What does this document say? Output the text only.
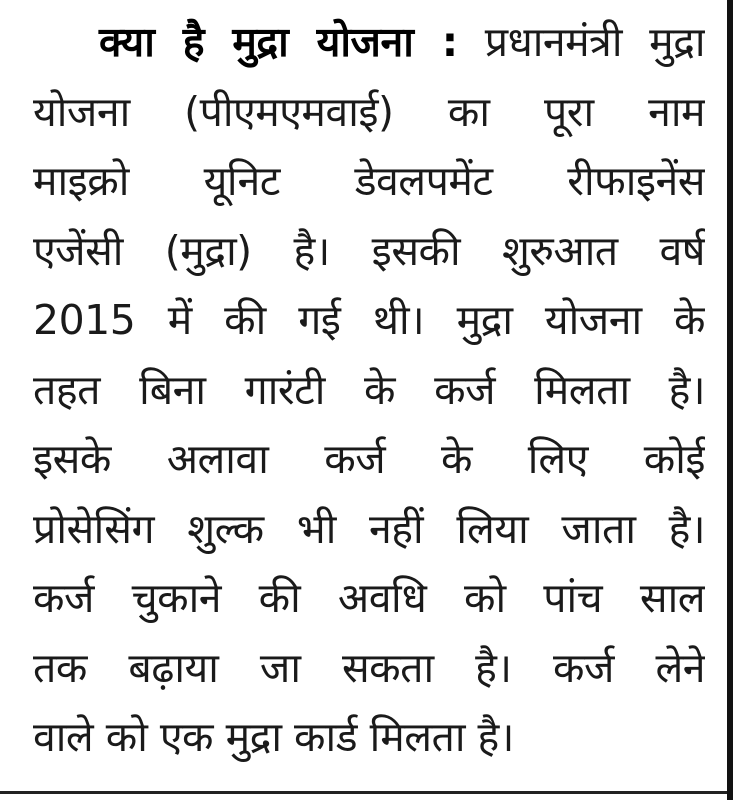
क्या है मुद्रा योजना : प्रधानमंत्री मुद्रा
योजना (पीएमएमवाई) का पूरा नाम
माइक्रो यूनिट डेवलपमेंट रीफाइनेंस
एजेंसी (मुद्रा) है। इसकी शुरुआत वर्ष
2015 में की गई थी। मुद्रा योजना के
तहत बिना गारंटी के कर्ज मिलता है।
इसके अलावा कर्ज के लिए कोई
प्रोसेसिंग शुल्क भी नहीं लिया जाता है।
कर्ज चुकाने की अवधि को पांच साल
तक बढ़ाया जा सकता है। कर्ज लेने
वाले को एक मुद्रा कार्ड मिलता है।
